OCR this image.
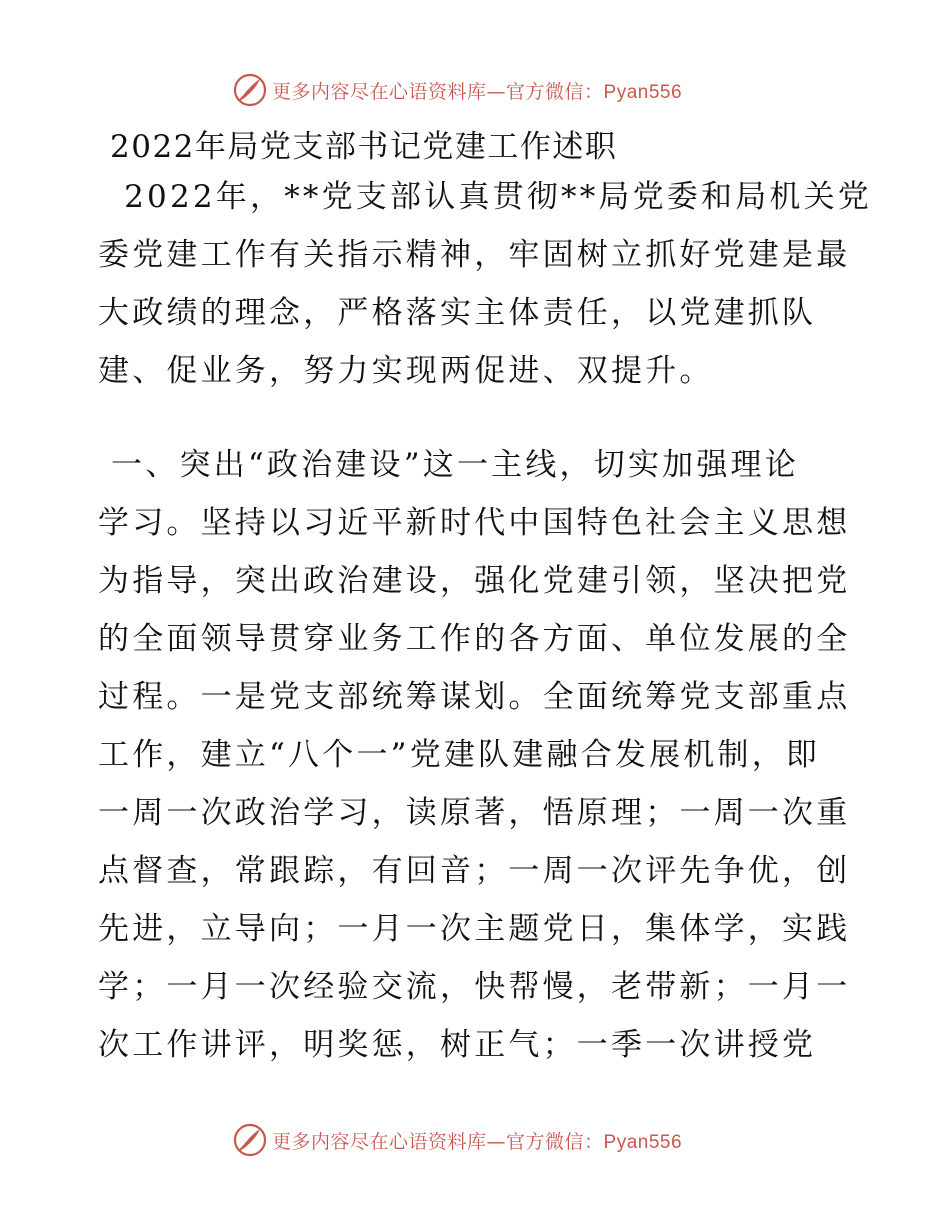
更多内容尽在心语资料库—官方微信：Pyan556
2022年局党支部书记党建工作述职
2022年，**党支部认真贯彻**局党委和局机关党
委党建工作有关指示精神，牢固树立抓好党建是最
大政绩的理念，严格落实主体责任，以党建抓队
建、促业务，努力实现两促进、双提升。
一、突出“政治建设”这一主线，切实加强理论
学习。坚持以习近平新时代中国特色社会主义思想
为指导，突出政治建设，强化党建引领，坚决把党
的全面领导贯穿业务工作的各方面、单位发展的全
过程。一是党支部统筹谋划。全面统筹党支部重点
工作，建立“八个一”党建队建融合发展机制，即
一周一次政治学习，读原著，悟原理；一周一次重
点督查，常跟踪，有回音；一周一次评先争优，创
先进，立导向；一月一次主题党日，集体学，实践
学；一月一次经验交流，快帮慢，老带新；一月一
次工作讲评，明奖惩，树正气；一季一次讲授党
更多内容尽在心语资料库—官方微信：Pyan556
